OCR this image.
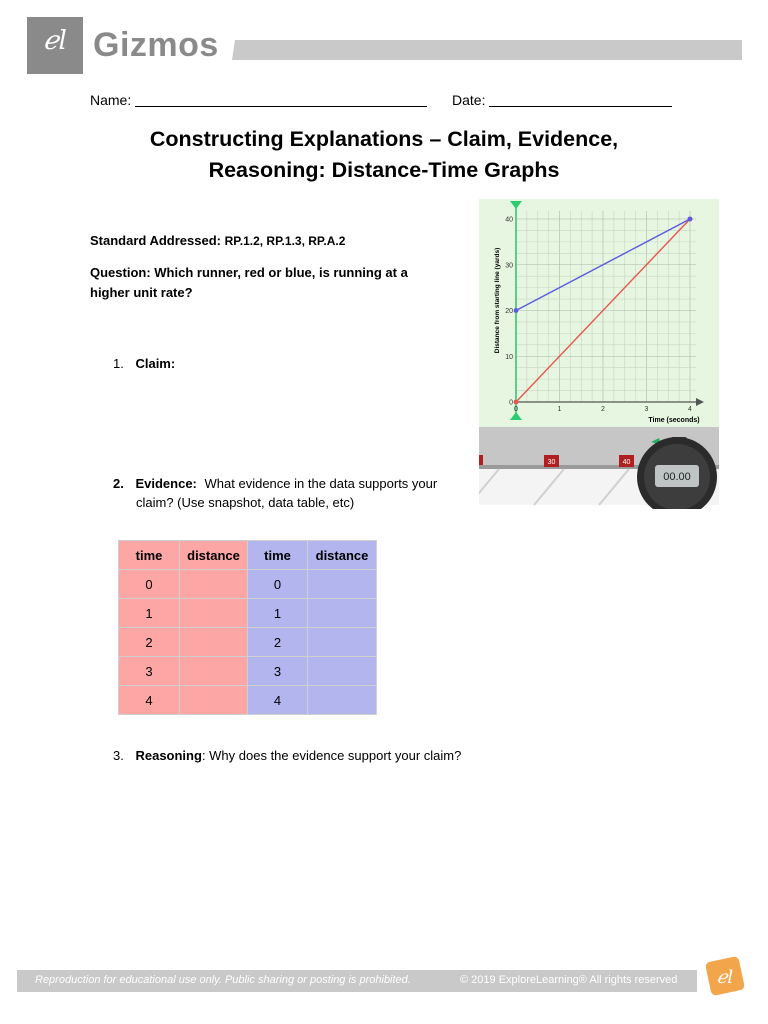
ℯl Gizmos
Name:	Date:
Constructing Explanations – Claim, Evidence,
Reasoning: Distance-Time Graphs
Standard Addressed: RP.1.2, RP.1.3, RP.A.2
Question: Which runner, red or blue, is running at a
higher unit rate?
1. Claim:
2. Evidence: What evidence in the data supports your
claim? (Use snapshot, data table, etc)
time	distance	time	distance
0		0	
1		1	
2		2	
3		3	
4		4	
3. Reasoning: Why does the evidence support your claim?
0	1	2	3	4
0
10
20
30
40
Time (seconds)
Distance from starting line (yards)
30	40
00.00
Reproduction for educational use only. Public sharing or posting is prohibited.	© 2019 ExploreLearning® All rights reserved ℯl
